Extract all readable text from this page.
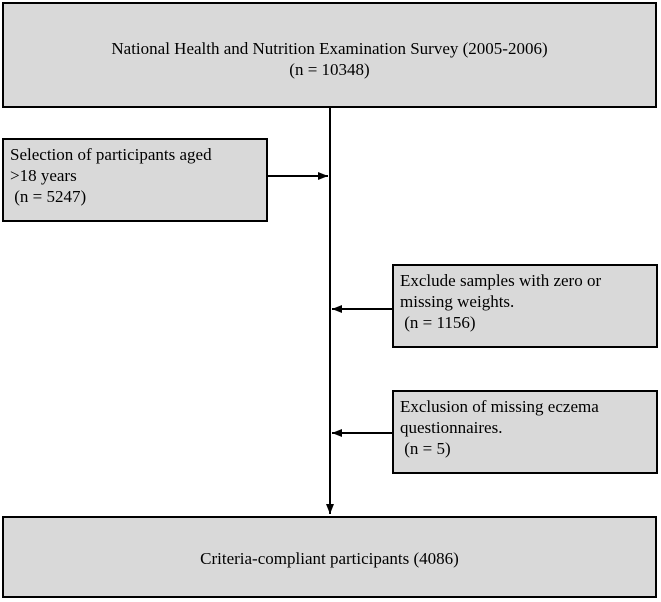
National Health and Nutrition Examination Survey (2005-2006)
(n = 10348)
Selection of participants aged
>18 years
(n = 5247)
Exclude samples with zero or
missing weights.
(n = 1156)
Exclusion of missing eczema
questionnaires.
(n = 5)
Criteria-compliant participants (4086)
